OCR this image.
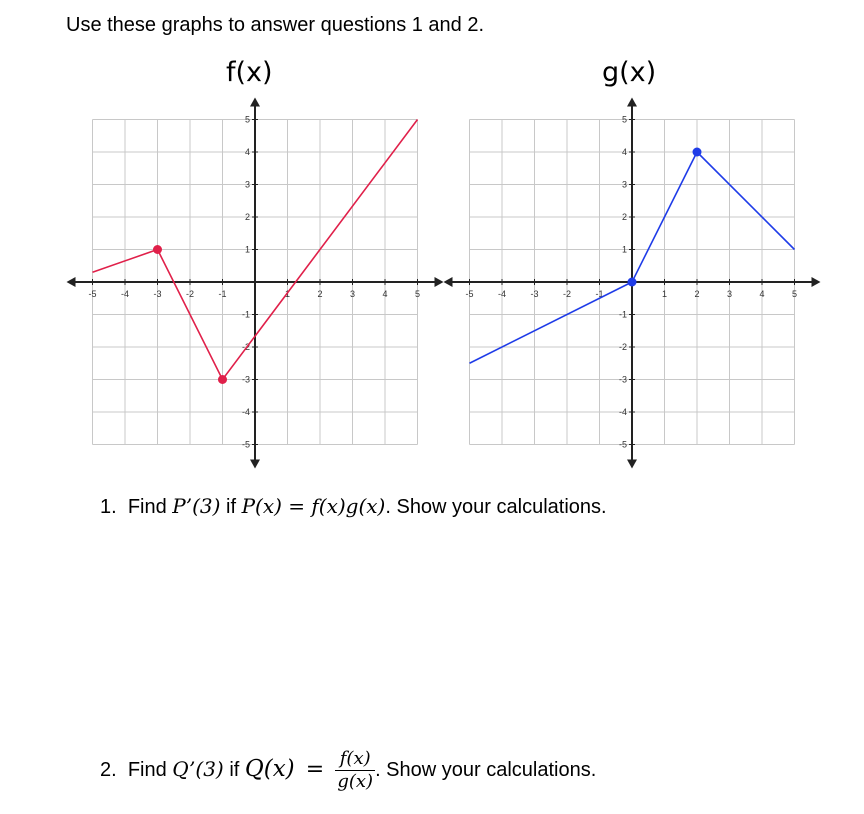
Use these graphs to answer questions 1 and 2.
f(x)	g(x)
-5	-4	-3	-2	-1	1	2	3	4	5
5
4
3
2
1
-1
-2
-3
-4
-5
-5	-4	-3	-2	-1	1	2	3	4	5
5
4
3
2
1
-1
-2
-3
-4
-5
1. Find P’(3) if P(x) = f(x)g(x). Show your calculations.
2. Find Q’(3) if $Q(x) = \frac{f(x)}{g(x)}$ . Show your calculations.
